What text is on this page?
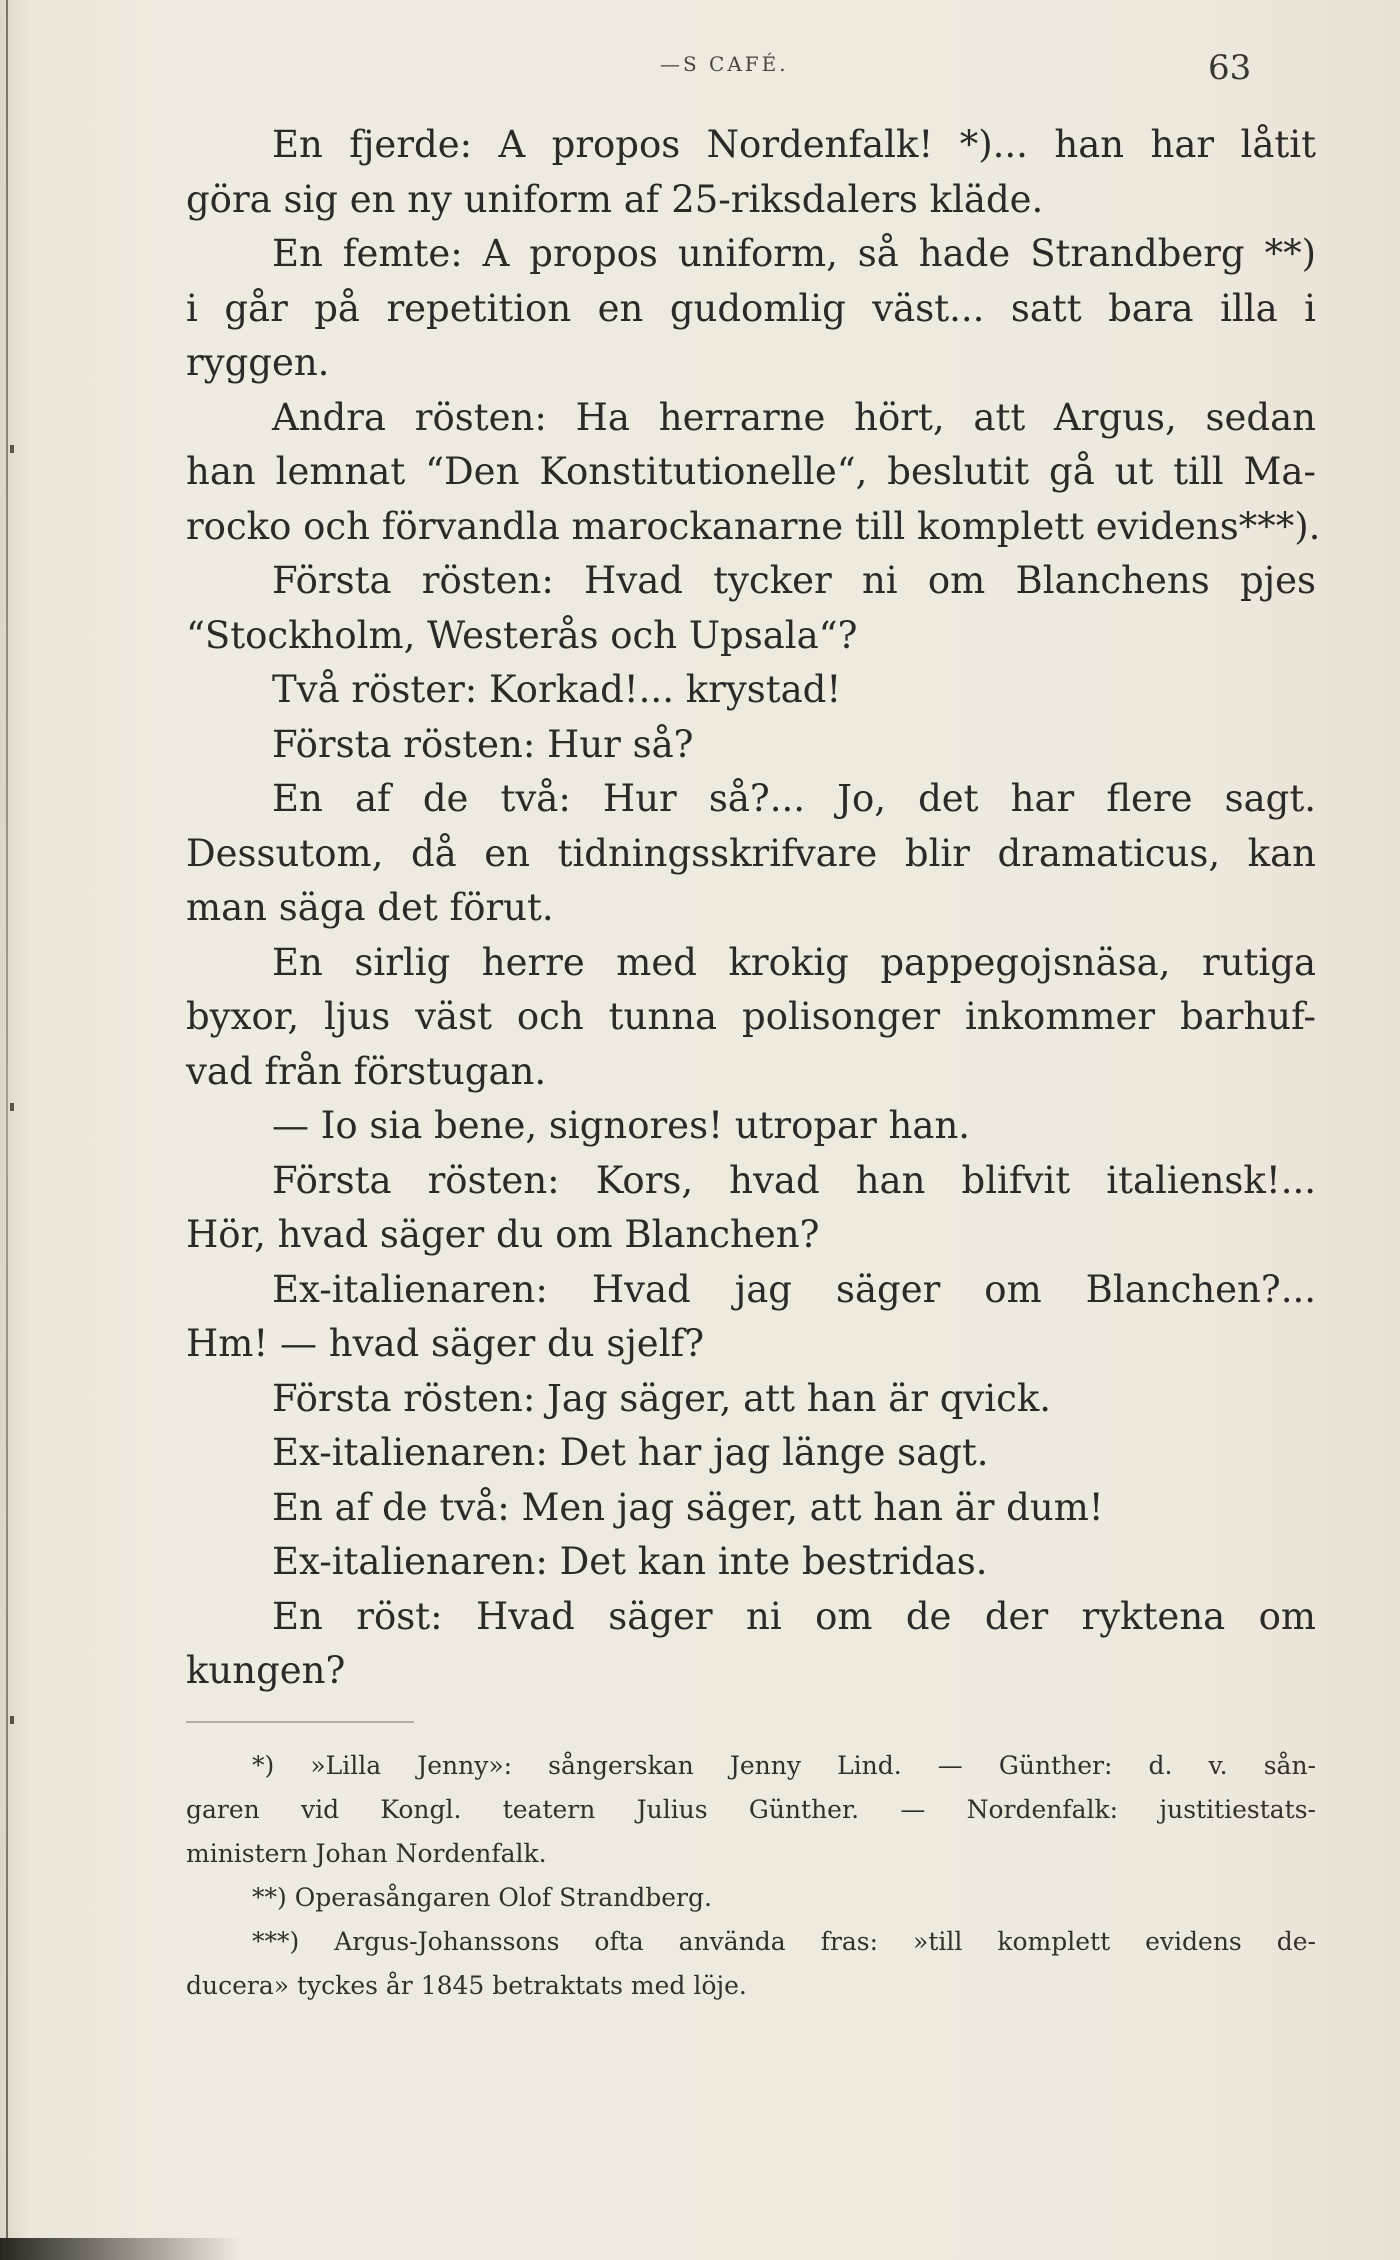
—S CAFÉ.	63
En fjerde: A propos Nordenfalk! *)... han har låtit
göra sig en ny uniform af 25-riksdalers kläde.
En femte: A propos uniform, så hade Strandberg **)
i går på repetition en gudomlig väst... satt bara illa i
ryggen.
Andra rösten: Ha herrarne hört, att Argus, sedan
han lemnat “Den Konstitutionelle“, beslutit gå ut till Ma-
rocko och förvandla marockanarne till komplett evidens***).
Första rösten: Hvad tycker ni om Blanchens pjes
“Stockholm, Westerås och Upsala“?
Två röster: Korkad!... krystad!
Första rösten: Hur så?
En af de två: Hur så?... Jo, det har flere sagt.
Dessutom, då en tidningsskrifvare blir dramaticus, kan
man säga det förut.
En sirlig herre med krokig pappegojsnäsa, rutiga
byxor, ljus väst och tunna polisonger inkommer barhuf-
vad från förstugan.
— Io sia bene, signores! utropar han.
Första rösten: Kors, hvad han blifvit italiensk!...
Hör, hvad säger du om Blanchen?
Ex-italienaren: Hvad jag säger om Blanchen?...
Hm! — hvad säger du sjelf?
Första rösten: Jag säger, att han är qvick.
Ex-italienaren: Det har jag länge sagt.
En af de två: Men jag säger, att han är dum!
Ex-italienaren: Det kan inte bestridas.
En röst: Hvad säger ni om de der ryktena om
kungen?
*) »Lilla Jenny»: sångerskan Jenny Lind. — Günther: d. v. sån-
garen vid Kongl. teatern Julius Günther. — Nordenfalk: justitiestats-
ministern Johan Nordenfalk.
**) Operasångaren Olof Strandberg.
***) Argus-Johanssons ofta använda fras: »till komplett evidens de-
ducera» tyckes år 1845 betraktats med löje.
